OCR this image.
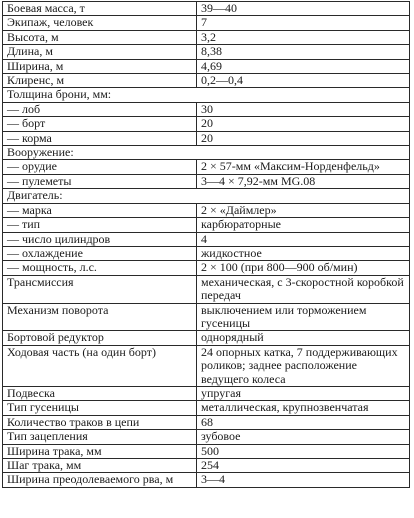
Боевая масса, т	39—40
Экипаж, человек	7
Высота, м	3,2
Длина, м	8,38
Ширина, м	4,69
Клиренс, м	0,2—0,4
Толщина брони, мм:	
— лоб	30
— борт	20
— корма	20
Вооружение:	
— орудие	2 × 57-мм «Максим-Норденфельд»
— пулеметы	3—4 × 7,92-мм MG.08
Двигатель:	
— марка	2 × «Даймлер»
— тип	карбюраторные
— число цилиндров	4
— охлаждение	жидкостное
— мощность, л.с.	2 × 100 (при 800—900 об/мин)
Трансмиссия	механическая, с 3-скоростной коробкой передач
Механизм поворота	выключением или торможением гусеницы
Бортовой редуктор	однорядный
Ходовая часть (на один борт)	24 опорных катка, 7 поддерживающих роликов; заднее расположение ведущего колеса
Подвеска	упругая
Тип гусеницы	металлическая, крупнозвенчатая
Количество траков в цепи	68
Тип зацепления	зубовое
Ширина трака, мм	500
Шаг трака, мм	254
Ширина преодолеваемого рва, м	3—4
